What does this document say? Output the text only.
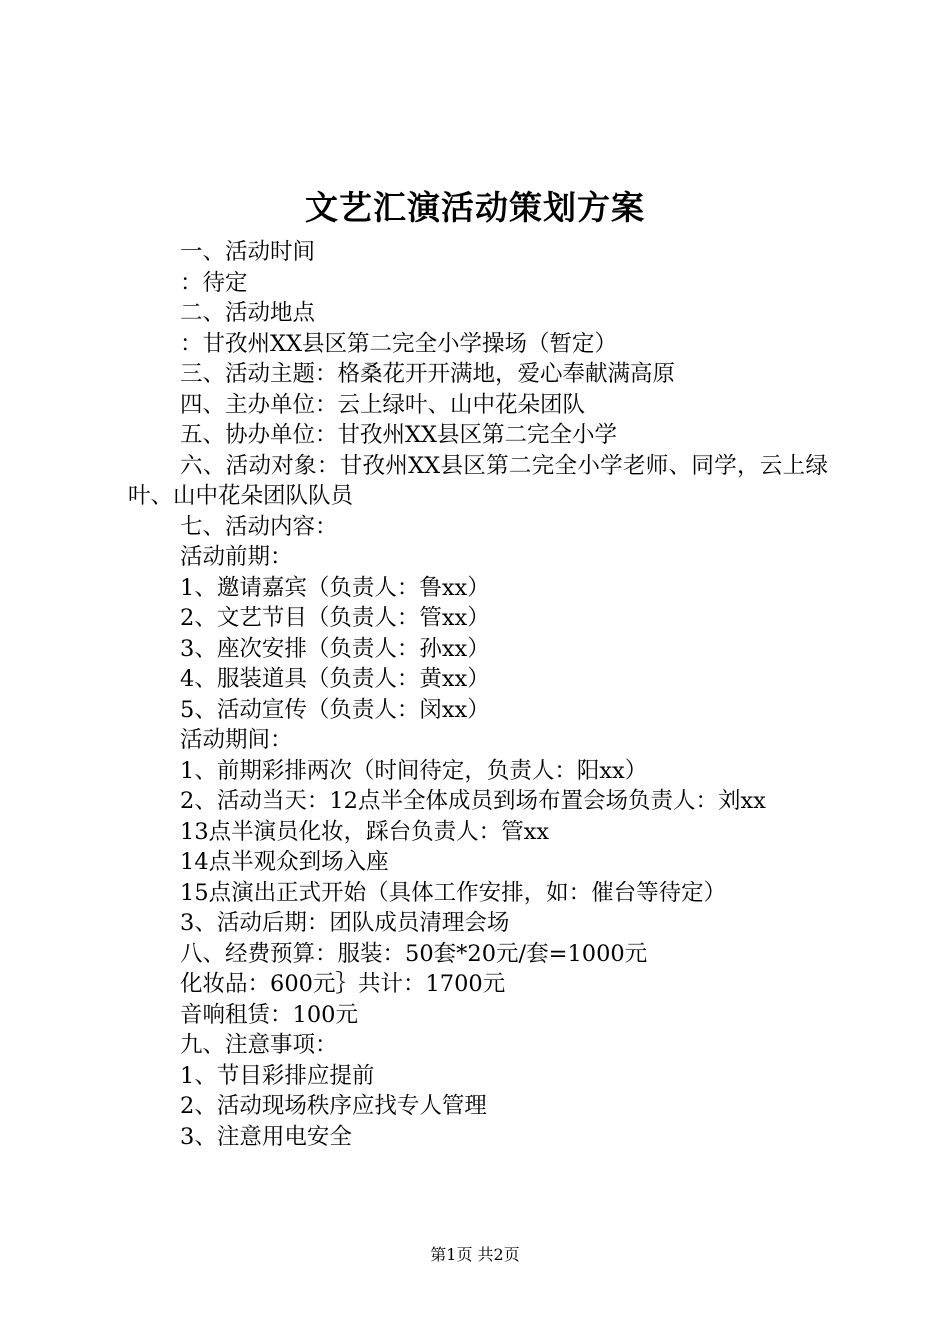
文艺汇演活动策划方案
一、活动时间
：待定
二、活动地点
：甘孜州XX县区第二完全小学操场（暂定）
三、活动主题：格桑花开开满地，爱心奉献满高原
四、主办单位：云上绿叶、山中花朵团队
五、协办单位：甘孜州XX县区第二完全小学
六、活动对象：甘孜州XX县区第二完全小学老师、同学，云上绿叶、山中花朵团队队员
七、活动内容：
活动前期：
1、邀请嘉宾（负责人：鲁xx）
2、文艺节目（负责人：管xx）
3、座次安排（负责人：孙xx）
4、服装道具（负责人：黄xx）
5、活动宣传（负责人：闵xx）
活动期间：
1、前期彩排两次（时间待定，负责人：阳xx）
2、活动当天：12点半全体成员到场布置会场负责人：刘xx
13点半演员化妆，踩台负责人：管xx
14点半观众到场入座
15点演出正式开始（具体工作安排，如：催台等待定）
3、活动后期：团队成员清理会场
八、经费预算：服装：50套*20元/套=1000元
化妆品：600元｝共计：1700元
音响租赁：100元
九、注意事项：
1、节目彩排应提前
2、活动现场秩序应找专人管理
3、注意用电安全
第1页 共2页
